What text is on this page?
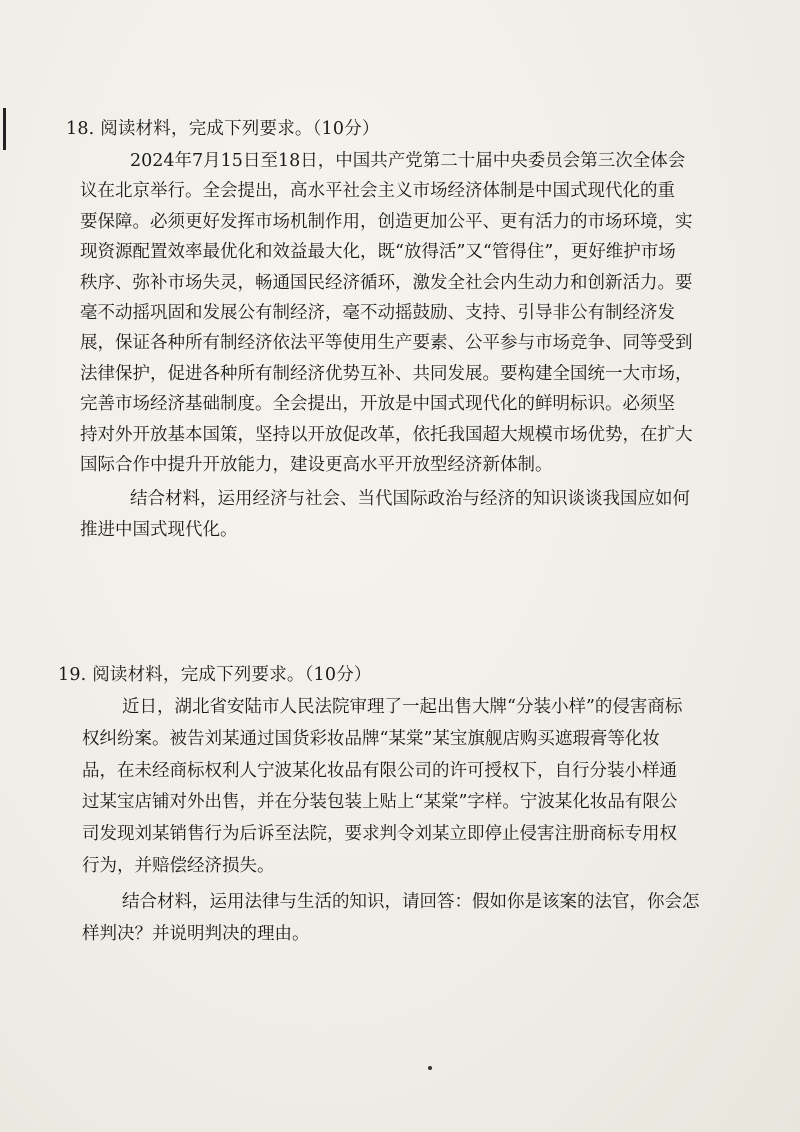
18. 阅读材料，完成下列要求。（10分）
2024年7月15日至18日，中国共产党第二十届中央委员会第三次全体会
议在北京举行。全会提出，高水平社会主义市场经济体制是中国式现代化的重
要保障。必须更好发挥市场机制作用，创造更加公平、更有活力的市场环境，实
现资源配置效率最优化和效益最大化，既“放得活”又“管得住”，更好维护市场
秩序、弥补市场失灵，畅通国民经济循环，激发全社会内生动力和创新活力。要
毫不动摇巩固和发展公有制经济，毫不动摇鼓励、支持、引导非公有制经济发
展，保证各种所有制经济依法平等使用生产要素、公平参与市场竞争、同等受到
法律保护，促进各种所有制经济优势互补、共同发展。要构建全国统一大市场，
完善市场经济基础制度。全会提出，开放是中国式现代化的鲜明标识。必须坚
持对外开放基本国策，坚持以开放促改革，依托我国超大规模市场优势，在扩大
国际合作中提升开放能力，建设更高水平开放型经济新体制。
结合材料，运用经济与社会、当代国际政治与经济的知识谈谈我国应如何
推进中国式现代化。
19. 阅读材料，完成下列要求。（10分）
近日，湖北省安陆市人民法院审理了一起出售大牌“分装小样”的侵害商标
权纠纷案。被告刘某通过国货彩妆品牌“某棠”某宝旗舰店购买遮瑕膏等化妆
品，在未经商标权利人宁波某化妆品有限公司的许可授权下，自行分装小样通
过某宝店铺对外出售，并在分装包装上贴上“某棠”字样。宁波某化妆品有限公
司发现刘某销售行为后诉至法院，要求判令刘某立即停止侵害注册商标专用权
行为，并赔偿经济损失。
结合材料，运用法律与生活的知识，请回答：假如你是该案的法官，你会怎
样判决？并说明判决的理由。
